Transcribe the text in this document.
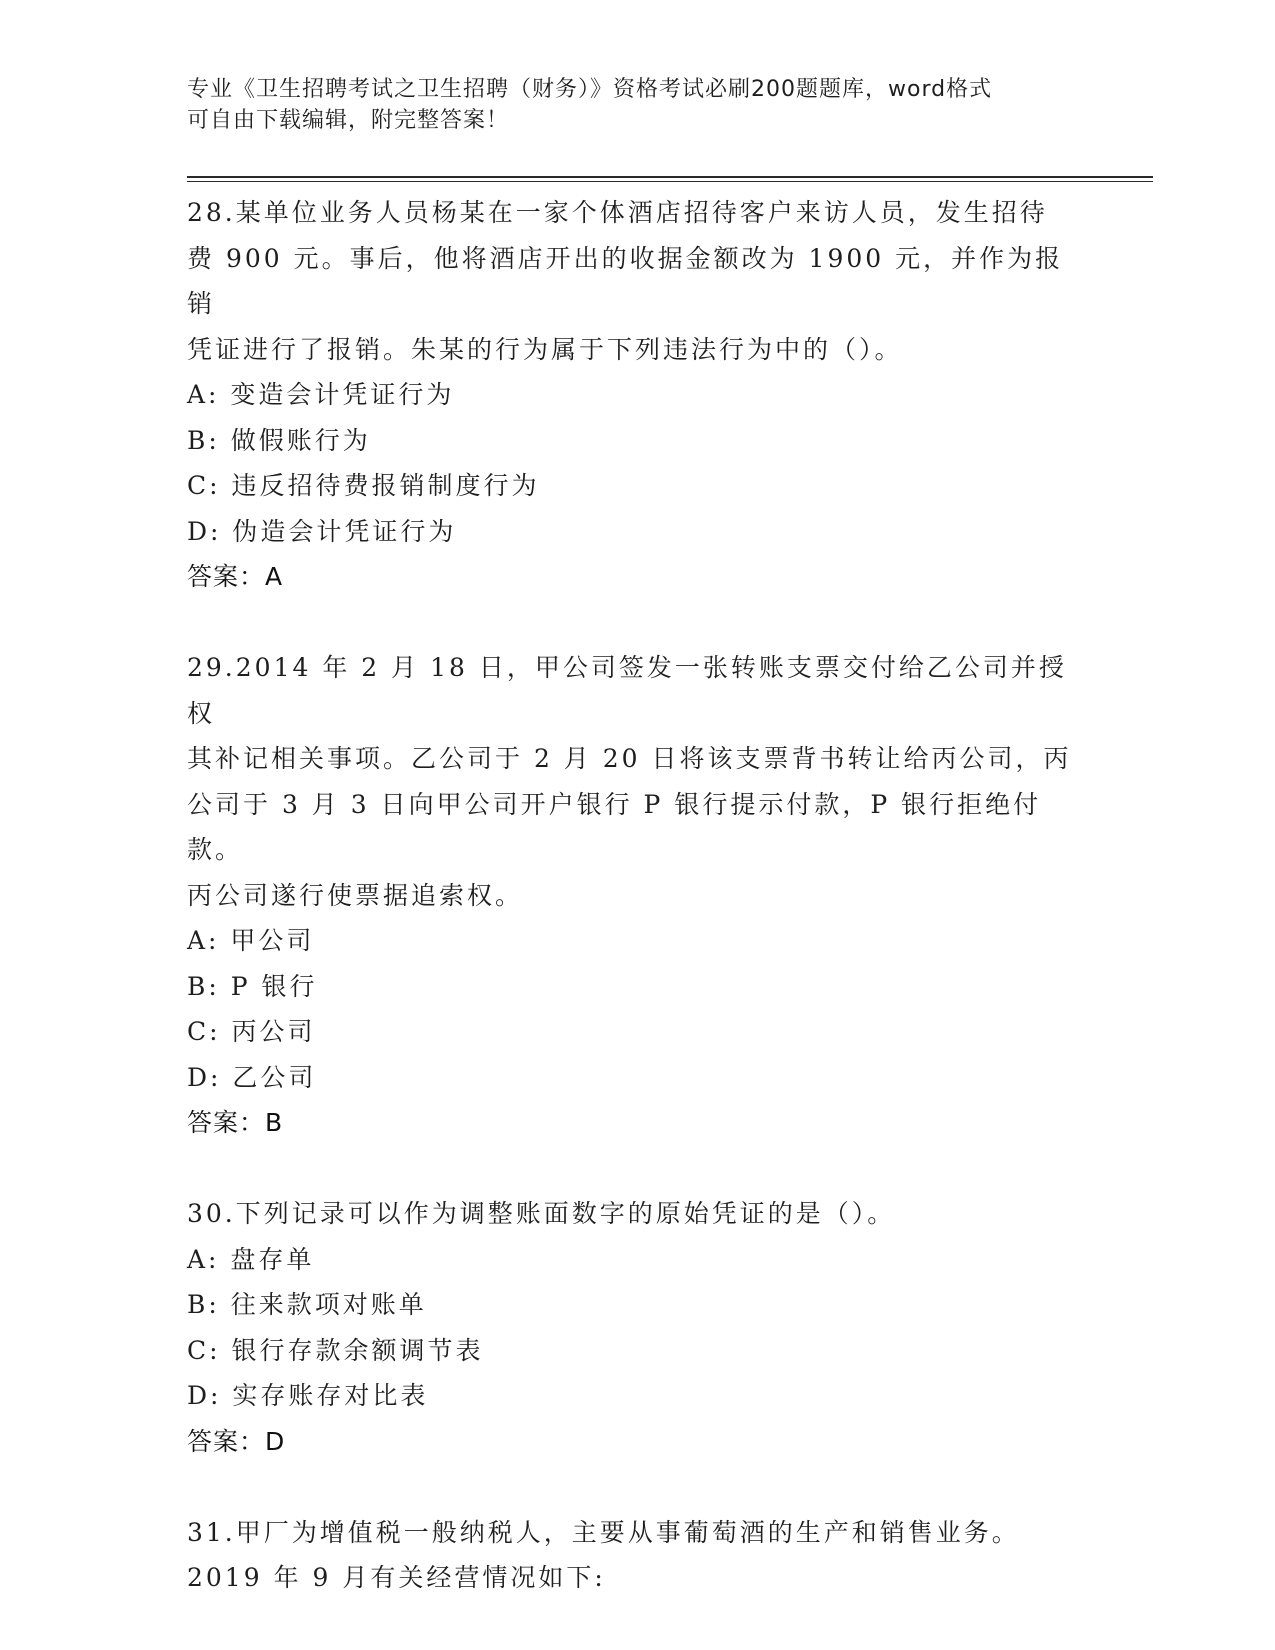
专业《卫生招聘考试之卫生招聘（财务）》资格考试必刷200题题库，word格式
可自由下载编辑，附完整答案！
28.某单位业务人员杨某在一家个体酒店招待客户来访人员，发生招待
费 900 元。事后，他将酒店开出的收据金额改为 1900 元，并作为报销
凭证进行了报销。朱某的行为属于下列违法行为中的（）。
A: 变造会计凭证行为
B: 做假账行为
C: 违反招待费报销制度行为
D: 伪造会计凭证行为
答案：A
29.2014 年 2 月 18 日，甲公司签发一张转账支票交付给乙公司并授权
其补记相关事项。乙公司于 2 月 20 日将该支票背书转让给丙公司，丙
公司于 3 月 3 日向甲公司开户银行 P 银行提示付款，P 银行拒绝付款。
丙公司遂行使票据追索权。
A: 甲公司
B: P 银行
C: 丙公司
D: 乙公司
答案：B
30.下列记录可以作为调整账面数字的原始凭证的是（）。
A: 盘存单
B: 往来款项对账单
C: 银行存款余额调节表
D: 实存账存对比表
答案：D
31.甲厂为增值税一般纳税人，主要从事葡萄酒的生产和销售业务。
2019 年 9 月有关经营情况如下:
